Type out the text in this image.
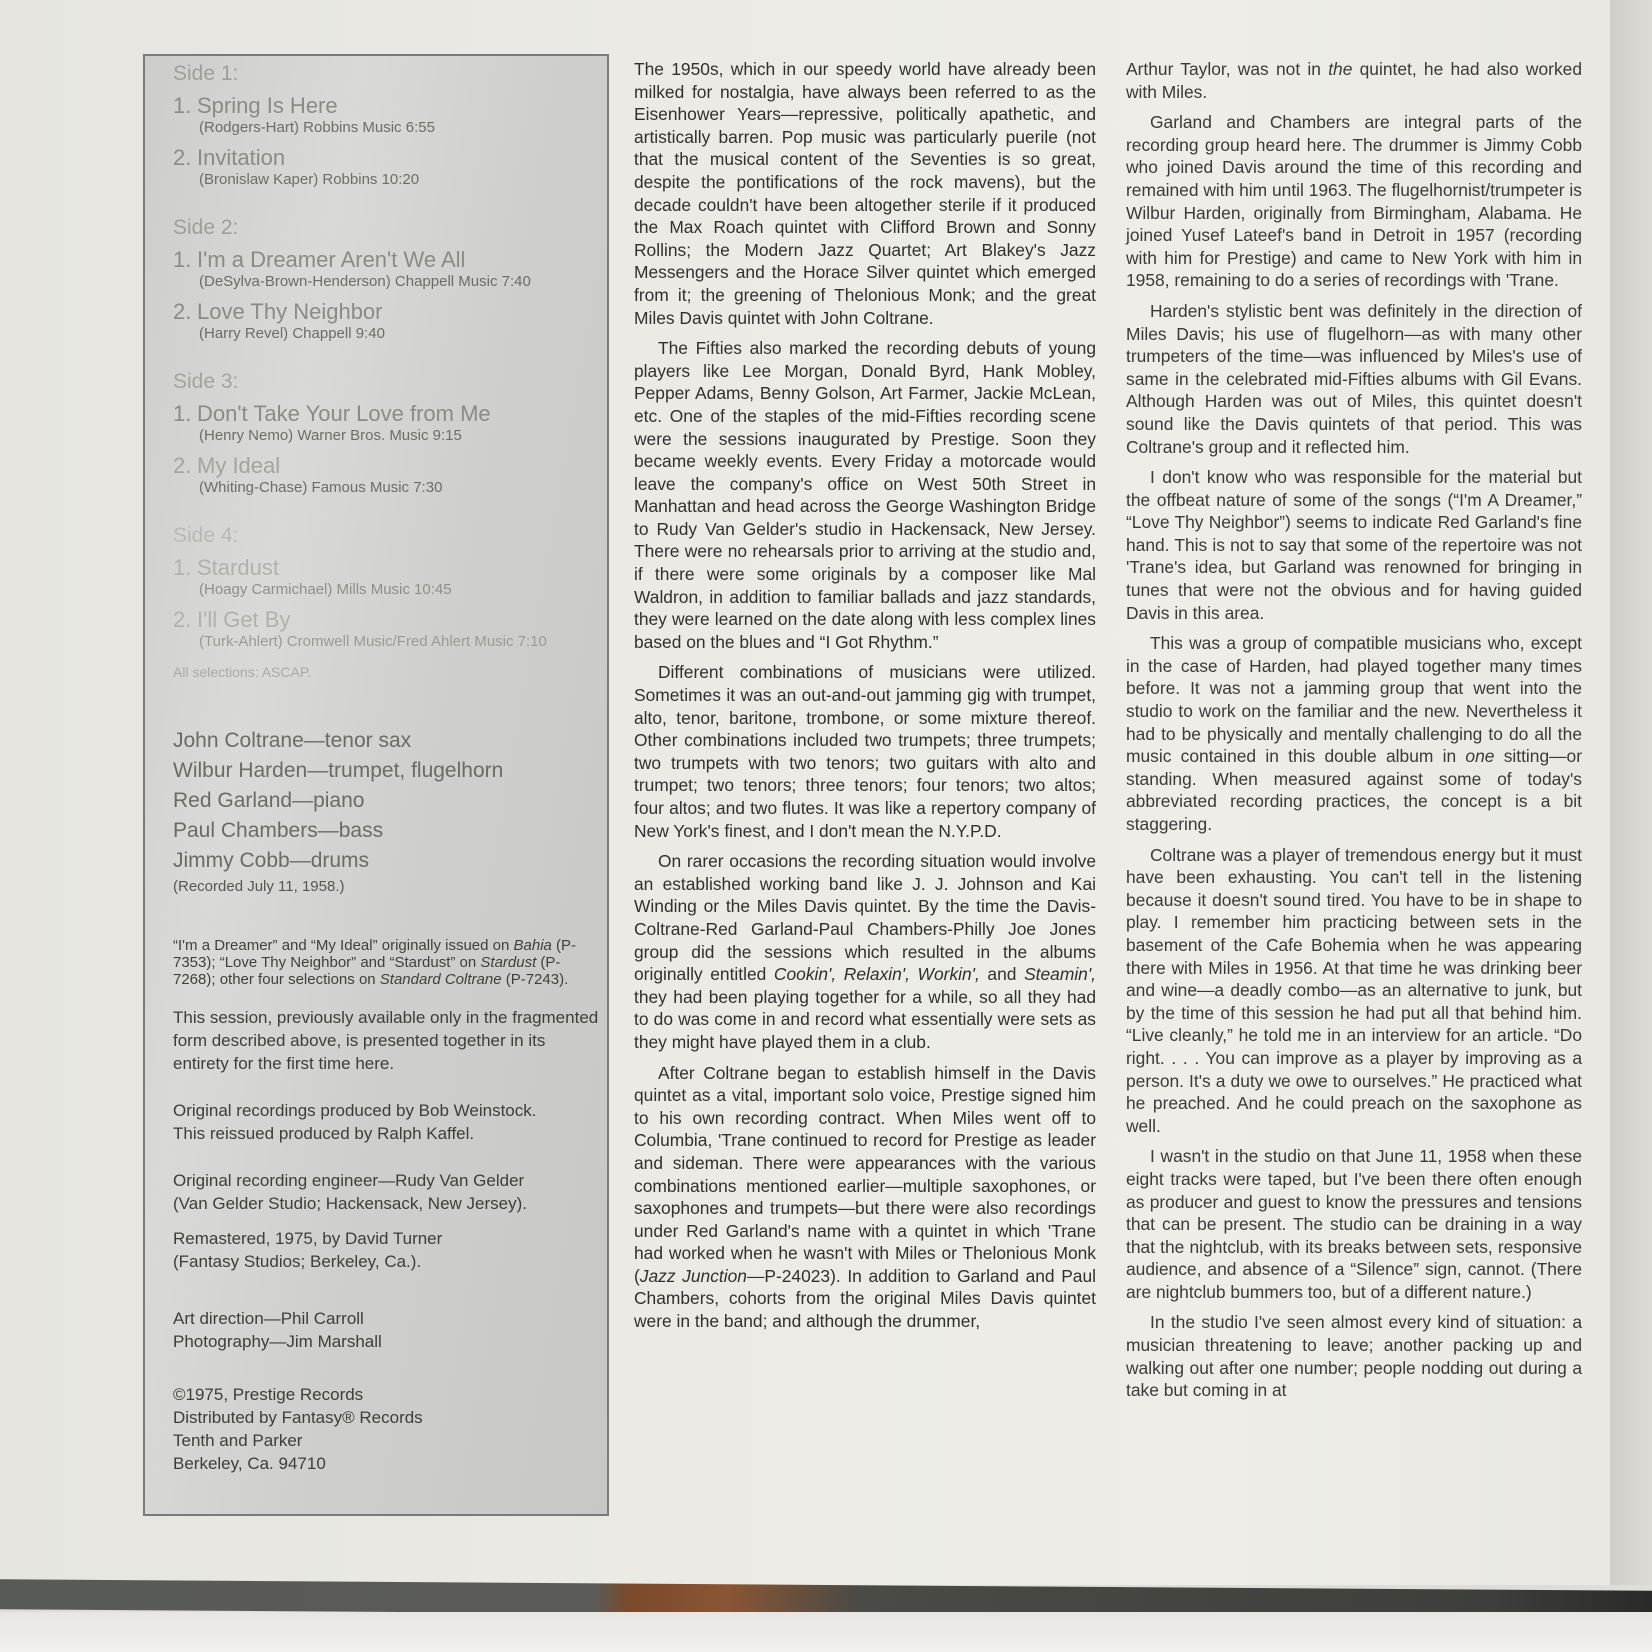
Side 1:
1. Spring Is Here
(Rodgers-Hart) Robbins Music 6:55
2. Invitation
(Bronislaw Kaper) Robbins 10:20
Side 2:
1. I'm a Dreamer Aren't We All
(DeSylva-Brown-Henderson) Chappell Music 7:40
2. Love Thy Neighbor
(Harry Revel) Chappell 9:40
Side 3:
1. Don't Take Your Love from Me
(Henry Nemo) Warner Bros. Music 9:15
2. My Ideal
(Whiting-Chase) Famous Music 7:30
Side 4:
1. Stardust
(Hoagy Carmichael) Mills Music 10:45
2. I'll Get By
(Turk-Ahlert) Cromwell Music/Fred Ahlert Music 7:10
All selections: ASCAP.
John Coltrane—tenor sax
Wilbur Harden—trumpet, flugelhorn
Red Garland—piano
Paul Chambers—bass
Jimmy Cobb—drums
(Recorded July 11, 1958.)
“I'm a Dreamer” and “My Ideal” originally issued on Bahia (P-7353); “Love Thy Neighbor” and “Stardust” on Stardust (P-7268); other four selections on Standard Coltrane (P-7243).
This session, previously available only in the fragmented form described above, is presented together in its entirety for the first time here.
Original recordings produced by Bob Weinstock.
This reissued produced by Ralph Kaffel.
Original recording engineer—Rudy Van Gelder
(Van Gelder Studio; Hackensack, New Jersey).
Remastered, 1975, by David Turner
(Fantasy Studios; Berkeley, Ca.).
Art direction—Phil Carroll
Photography—Jim Marshall
©1975, Prestige Records
Distributed by Fantasy® Records
Tenth and Parker
Berkeley, Ca. 94710

The 1950s, which in our speedy world have already been milked for nostalgia, have always been referred to as the Eisenhower Years—repressive, politically apathetic, and artistically barren. Pop music was particularly puerile (not that the musical content of the Seventies is so great, despite the pontifications of the rock mavens), but the decade couldn't have been altogether sterile if it produced the Max Roach quintet with Clifford Brown and Sonny Rollins; the Modern Jazz Quartet; Art Blakey's Jazz Messengers and the Horace Silver quintet which emerged from it; the greening of Thelonious Monk; and the great Miles Davis quintet with John Coltrane.

The Fifties also marked the recording debuts of young players like Lee Morgan, Donald Byrd, Hank Mobley, Pepper Adams, Benny Golson, Art Farmer, Jackie McLean, etc. One of the staples of the mid-Fifties recording scene were the sessions inaugurated by Prestige. Soon they became weekly events. Every Friday a motorcade would leave the company's office on West 50th Street in Manhattan and head across the George Washington Bridge to Rudy Van Gelder's studio in Hackensack, New Jersey. There were no rehearsals prior to arriving at the studio and, if there were some originals by a composer like Mal Waldron, in addition to familiar ballads and jazz standards, they were learned on the date along with less complex lines based on the blues and “I Got Rhythm.”

Different combinations of musicians were utilized. Sometimes it was an out-and-out jamming gig with trumpet, alto, tenor, baritone, trombone, or some mixture thereof. Other combinations included two trumpets; three trumpets; two trumpets with two tenors; two guitars with alto and trumpet; two tenors; three tenors; four tenors; two altos; four altos; and two flutes. It was like a repertory company of New York's finest, and I don't mean the N.Y.P.D.

On rarer occasions the recording situation would involve an established working band like J. J. Johnson and Kai Winding or the Miles Davis quintet. By the time the Davis-Coltrane-Red Garland-Paul Chambers-Philly Joe Jones group did the sessions which resulted in the albums originally entitled Cookin', Relaxin', Workin', and Steamin', they had been playing together for a while, so all they had to do was come in and record what essentially were sets as they might have played them in a club.

After Coltrane began to establish himself in the Davis quintet as a vital, important solo voice, Prestige signed him to his own recording contract. When Miles went off to Columbia, 'Trane continued to record for Prestige as leader and sideman. There were appearances with the various combinations mentioned earlier—multiple saxophones, or saxophones and trumpets—but there were also recordings under Red Garland's name with a quintet in which 'Trane had worked when he wasn't with Miles or Thelonious Monk (Jazz Junction—P-24023). In addition to Garland and Paul Chambers, cohorts from the original Miles Davis quintet were in the band; and although the drummer,

Arthur Taylor, was not in the quintet, he had also worked with Miles.

Garland and Chambers are integral parts of the recording group heard here. The drummer is Jimmy Cobb who joined Davis around the time of this recording and remained with him until 1963. The flugelhornist/trumpeter is Wilbur Harden, originally from Birmingham, Alabama. He joined Yusef Lateef's band in Detroit in 1957 (recording with him for Prestige) and came to New York with him in 1958, remaining to do a series of recordings with 'Trane.

Harden's stylistic bent was definitely in the direction of Miles Davis; his use of flugelhorn—as with many other trumpeters of the time—was influenced by Miles's use of same in the celebrated mid-Fifties albums with Gil Evans. Although Harden was out of Miles, this quintet doesn't sound like the Davis quintets of that period. This was Coltrane's group and it reflected him.

I don't know who was responsible for the material but the offbeat nature of some of the songs (“I'm A Dreamer,” “Love Thy Neighbor”) seems to indicate Red Garland's fine hand. This is not to say that some of the repertoire was not 'Trane's idea, but Garland was renowned for bringing in tunes that were not the obvious and for having guided Davis in this area.

This was a group of compatible musicians who, except in the case of Harden, had played together many times before. It was not a jamming group that went into the studio to work on the familiar and the new. Nevertheless it had to be physically and mentally challenging to do all the music contained in this double album in one sitting—or standing. When measured against some of today's abbreviated recording practices, the concept is a bit staggering.

Coltrane was a player of tremendous energy but it must have been exhausting. You can't tell in the listening because it doesn't sound tired. You have to be in shape to play. I remember him practicing between sets in the basement of the Cafe Bohemia when he was appearing there with Miles in 1956. At that time he was drinking beer and wine—a deadly combo—as an alternative to junk, but by the time of this session he had put all that behind him. “Live cleanly,” he told me in an interview for an article. “Do right. . . . You can improve as a player by improving as a person. It's a duty we owe to ourselves.” He practiced what he preached. And he could preach on the saxophone as well.

I wasn't in the studio on that June 11, 1958 when these eight tracks were taped, but I've been there often enough as producer and guest to know the pressures and tensions that can be present. The studio can be draining in a way that the nightclub, with its breaks between sets, responsive audience, and absence of a “Silence” sign, cannot. (There are nightclub bummers too, but of a different nature.)

In the studio I've seen almost every kind of situation: a musician threatening to leave; another packing up and walking out after one number; people nodding out during a take but coming in at
